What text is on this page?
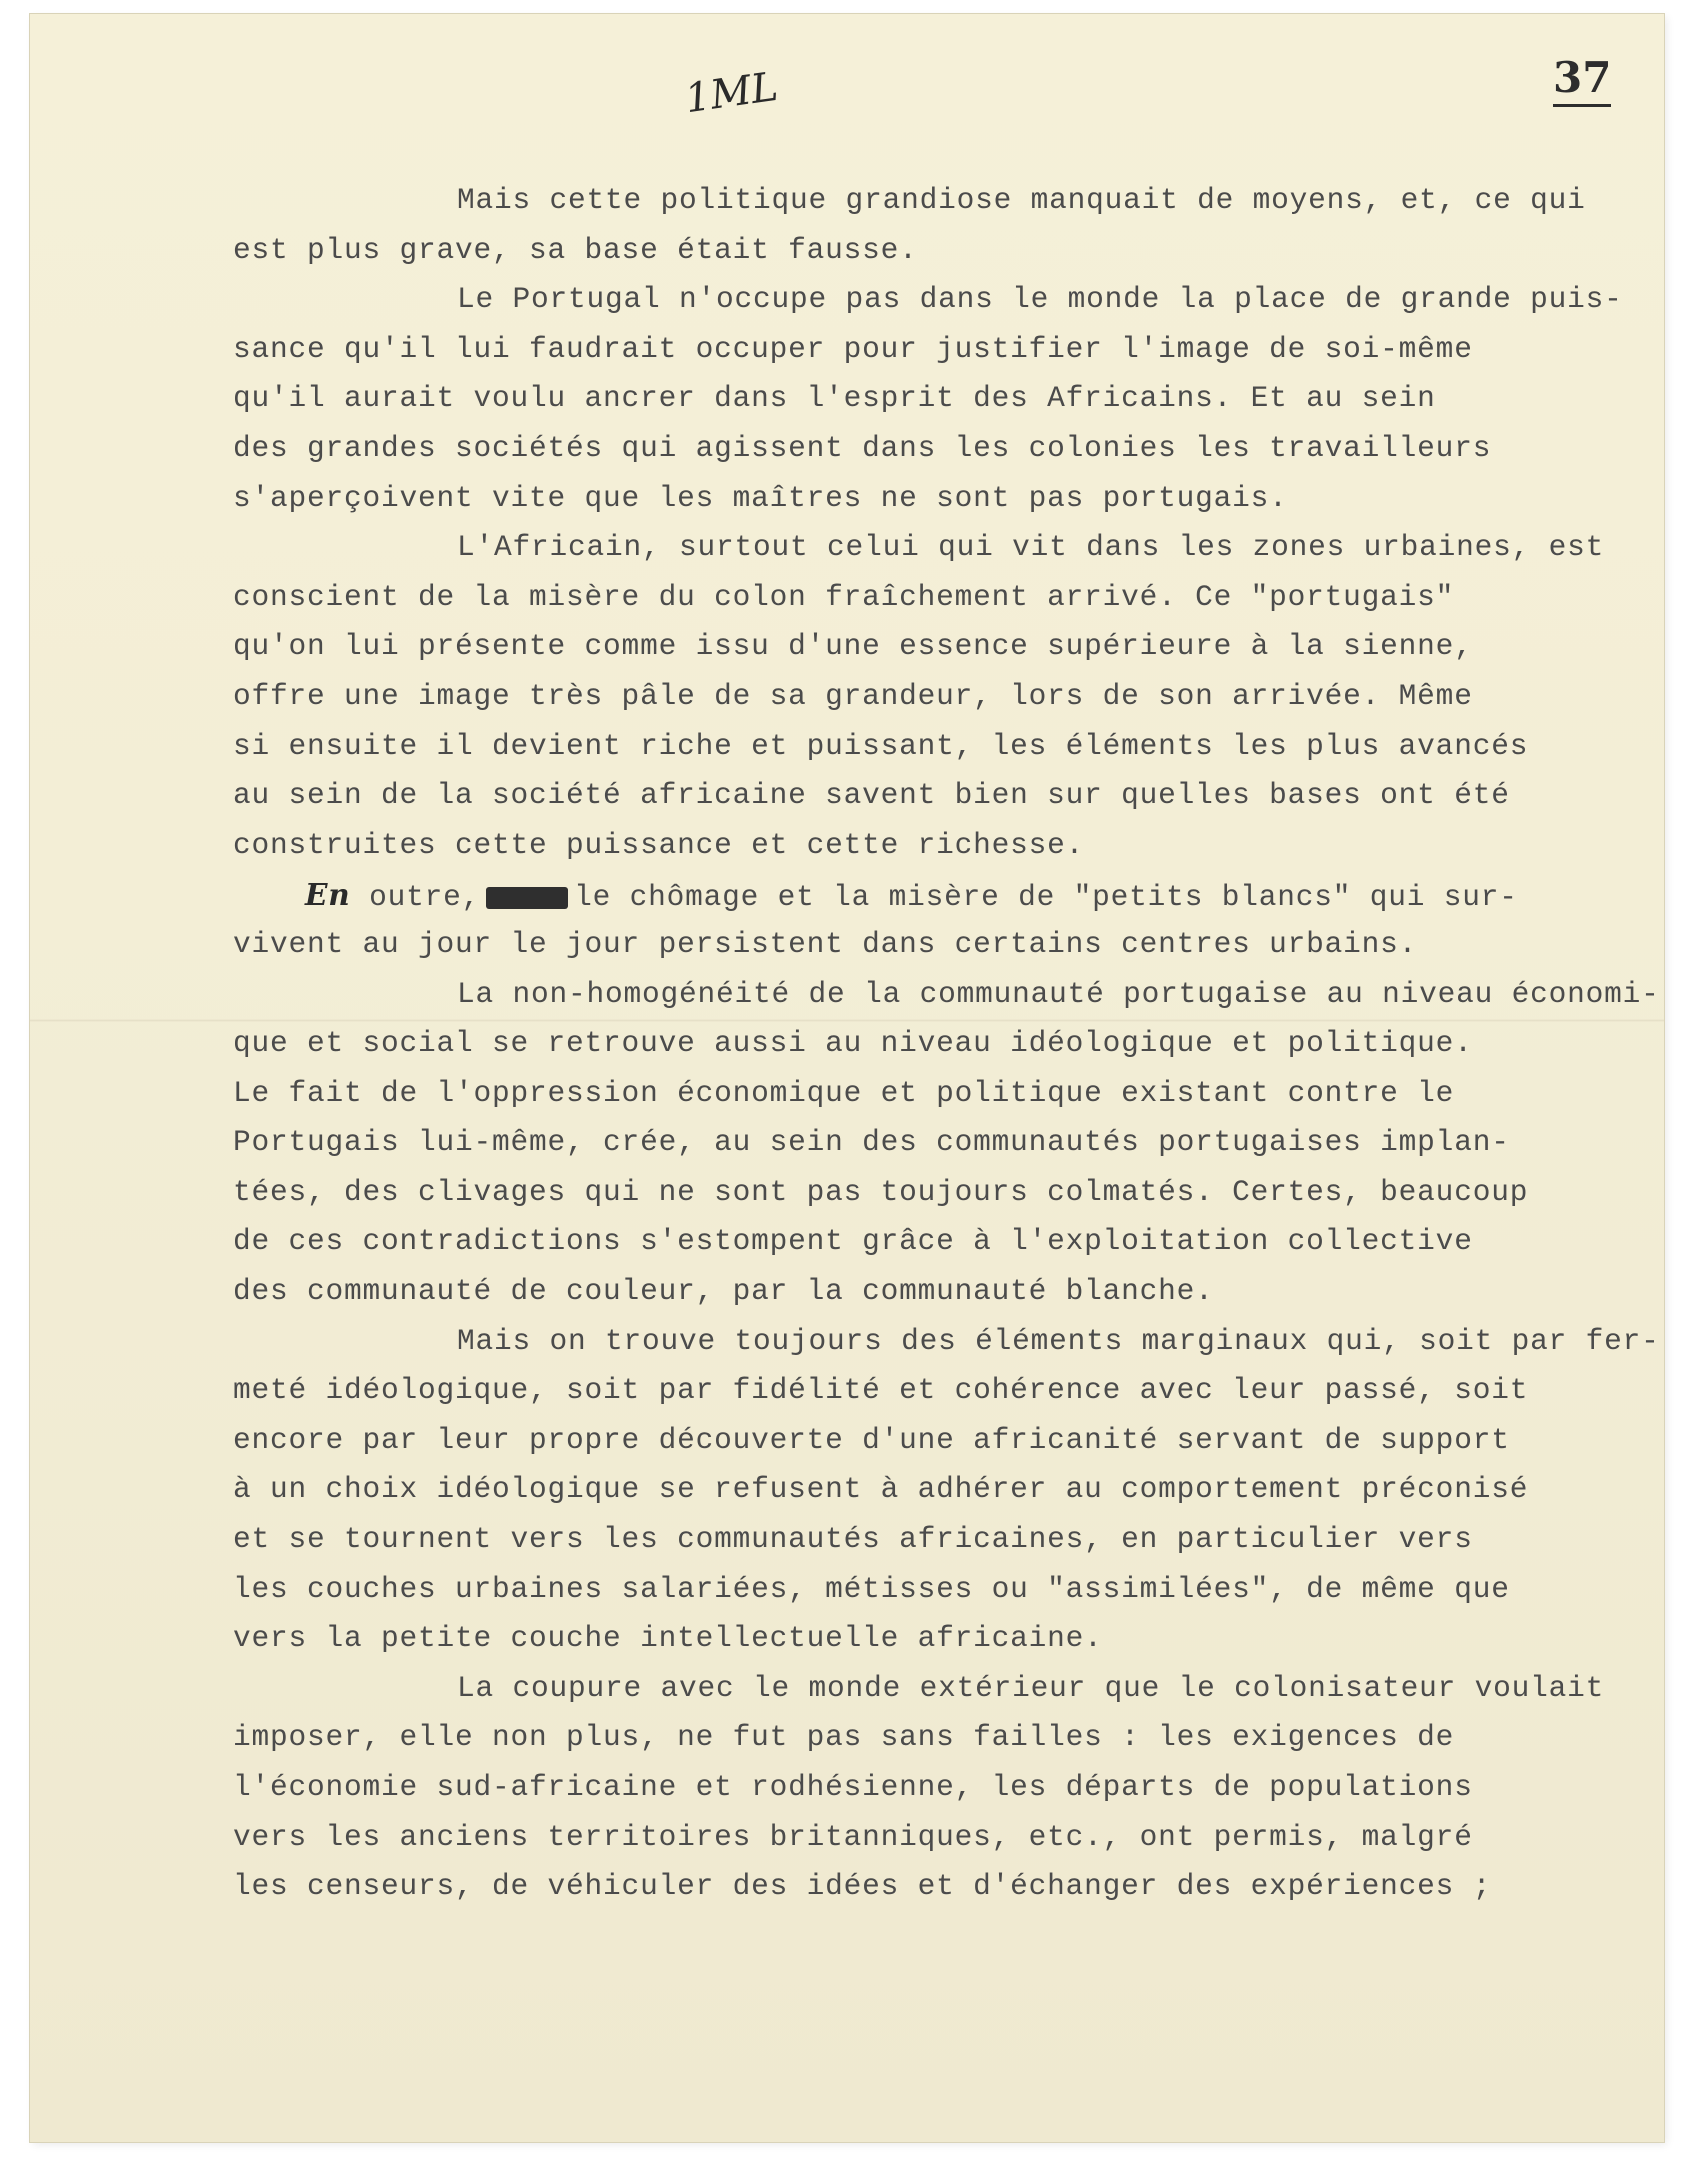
1ML	37
Mais cette politique grandiose manquait de moyens, et, ce qui
est plus grave, sa base était fausse.
Le Portugal n'occupe pas dans le monde la place de grande puis-
sance qu'il lui faudrait occuper pour justifier l'image de soi-même
qu'il aurait voulu ancrer dans l'esprit des Africains. Et au sein
des grandes sociétés qui agissent dans les colonies les travailleurs
s'aperçoivent vite que les maîtres ne sont pas portugais.
L'Africain, surtout celui qui vit dans les zones urbaines, est
conscient de la misère du colon fraîchement arrivé. Ce "portugais"
qu'on lui présente comme issu d'une essence supérieure à la sienne,
offre une image très pâle de sa grandeur, lors de son arrivée. Même
si ensuite il devient riche et puissant, les éléments les plus avancés
au sein de la société africaine savent bien sur quelles bases ont été
construites cette puissance et cette richesse.
En outre,	le chômage et la misère de "petits blancs" qui sur-
vivent au jour le jour persistent dans certains centres urbains.
La non-homogénéité de la communauté portugaise au niveau économi-
que et social se retrouve aussi au niveau idéologique et politique.
Le fait de l'oppression économique et politique existant contre le
Portugais lui-même, crée, au sein des communautés portugaises implan-
tées, des clivages qui ne sont pas toujours colmatés. Certes, beaucoup
de ces contradictions s'estompent grâce à l'exploitation collective
des communauté de couleur, par la communauté blanche.
Mais on trouve toujours des éléments marginaux qui, soit par fer-
meté idéologique, soit par fidélité et cohérence avec leur passé, soit
encore par leur propre découverte d'une africanité servant de support
à un choix idéologique se refusent à adhérer au comportement préconisé
et se tournent vers les communautés africaines, en particulier vers
les couches urbaines salariées, métisses ou "assimilées", de même que
vers la petite couche intellectuelle africaine.
La coupure avec le monde extérieur que le colonisateur voulait
imposer, elle non plus, ne fut pas sans failles : les exigences de
l'économie sud-africaine et rodhésienne, les départs de populations
vers les anciens territoires britanniques, etc., ont permis, malgré
les censeurs, de véhiculer des idées et d'échanger des expériences ;
